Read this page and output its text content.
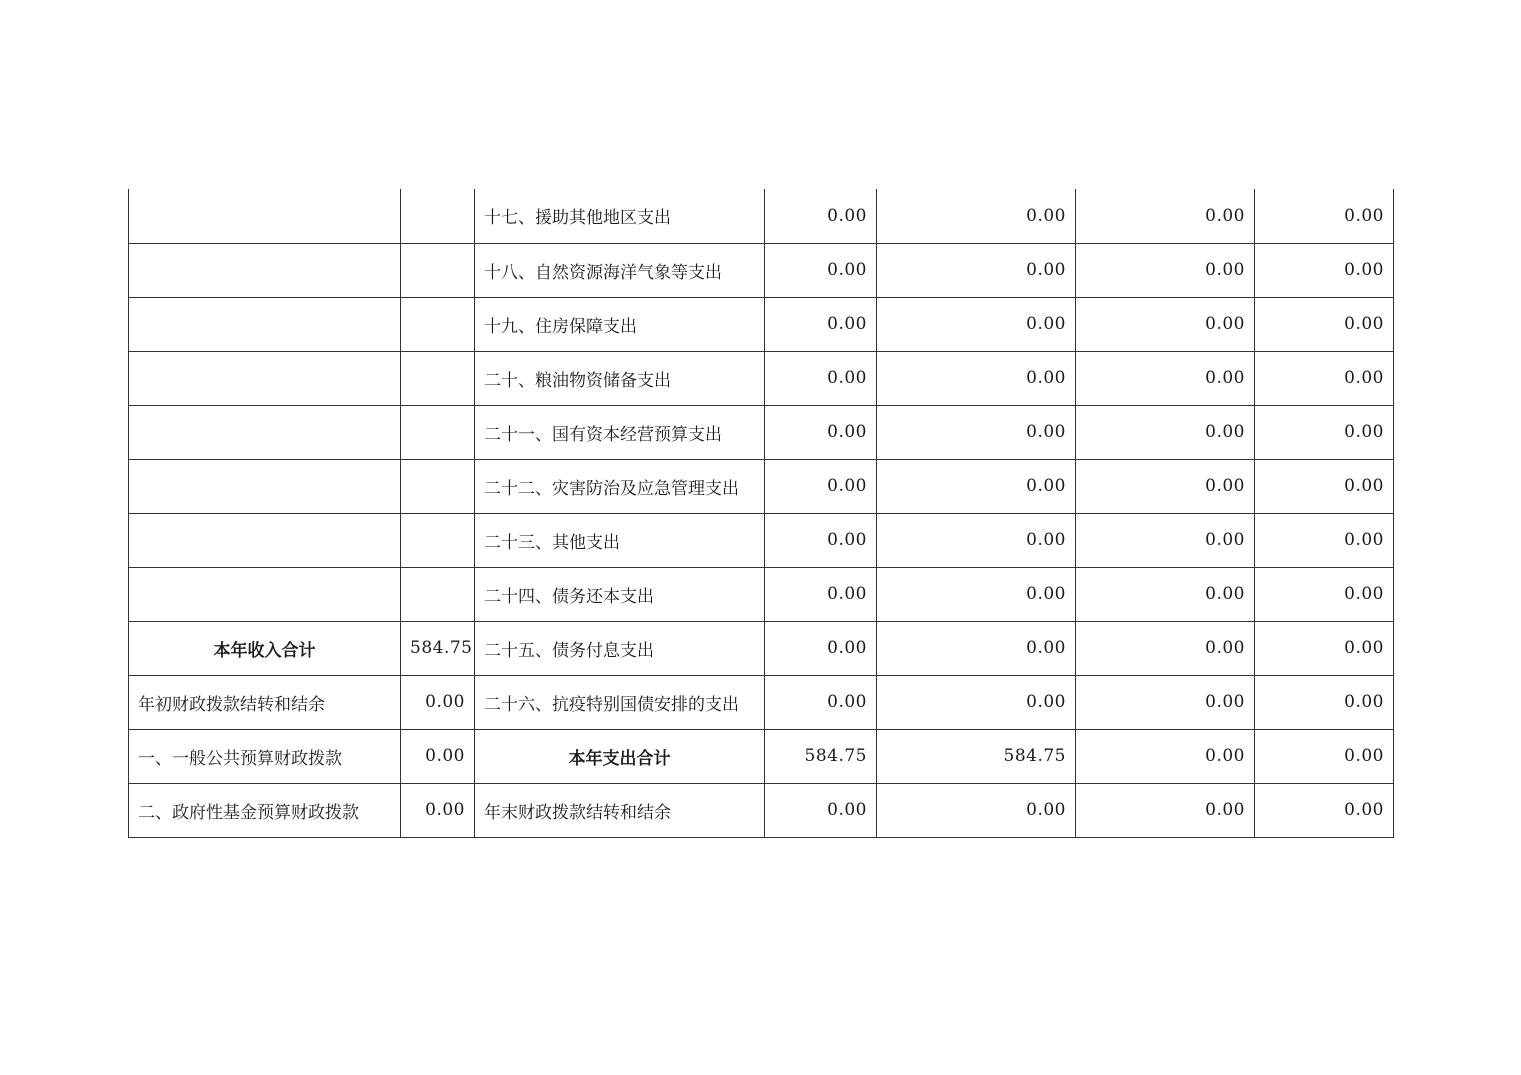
		十七、援助其他地区支出	0.00	0.00	0.00	0.00
		十八、自然资源海洋气象等支出	0.00	0.00	0.00	0.00
		十九、住房保障支出	0.00	0.00	0.00	0.00
		二十、粮油物资储备支出	0.00	0.00	0.00	0.00
		二十一、国有资本经营预算支出	0.00	0.00	0.00	0.00
		二十二、灾害防治及应急管理支出	0.00	0.00	0.00	0.00
		二十三、其他支出	0.00	0.00	0.00	0.00
		二十四、债务还本支出	0.00	0.00	0.00	0.00
本年收入合计	584.75	二十五、债务付息支出	0.00	0.00	0.00	0.00
年初财政拨款结转和结余	0.00	二十六、抗疫特别国债安排的支出	0.00	0.00	0.00	0.00
一、一般公共预算财政拨款	0.00	本年支出合计	584.75	584.75	0.00	0.00
二、政府性基金预算财政拨款	0.00	年末财政拨款结转和结余	0.00	0.00	0.00	0.00
